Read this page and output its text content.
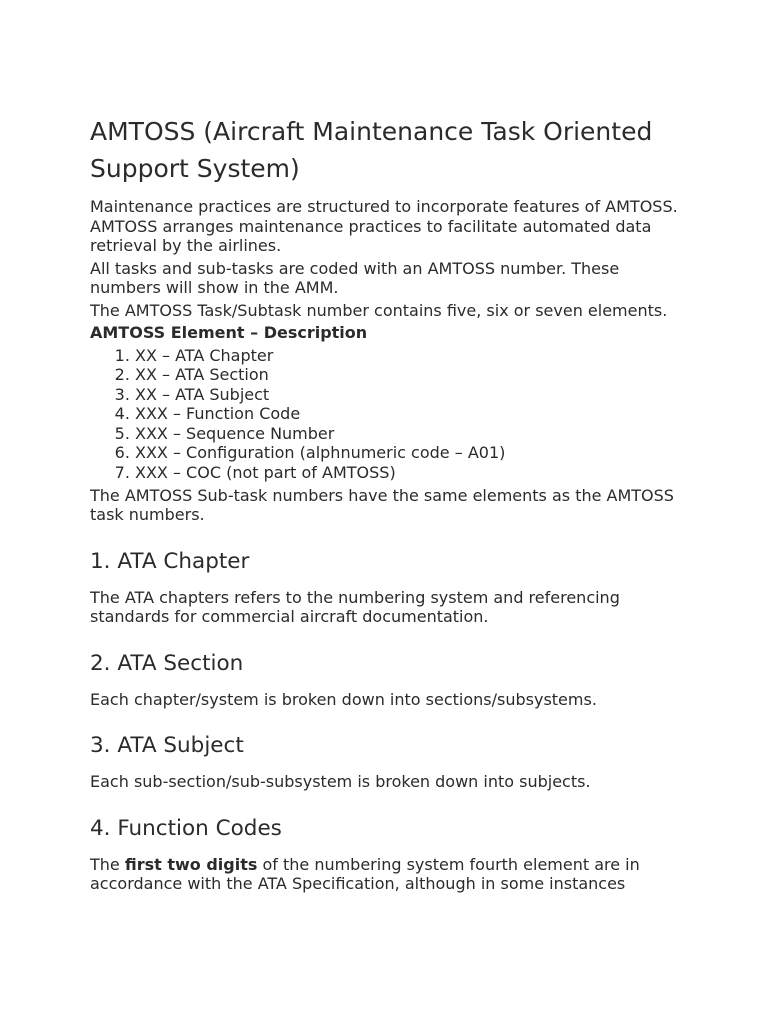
AMTOSS (Aircraft Maintenance Task Oriented Support System)

Maintenance practices are structured to incorporate features of AMTOSS. AMTOSS arranges maintenance practices to facilitate automated data retrieval by the airlines.

All tasks and sub-tasks are coded with an AMTOSS number. These numbers will show in the AMM.

The AMTOSS Task/Subtask number contains five, six or seven elements.

AMTOSS Element – Description

1. XX – ATA Chapter
2. XX – ATA Section
3. XX – ATA Subject
4. XXX – Function Code
5. XXX – Sequence Number
6. XXX – Configuration (alphnumeric code – A01)
7. XXX – COC (not part of AMTOSS)

The AMTOSS Sub-task numbers have the same elements as the AMTOSS task numbers.

1. ATA Chapter

The ATA chapters refers to the numbering system and referencing standards for commercial aircraft documentation.

2. ATA Section

Each chapter/system is broken down into sections/subsystems.

3. ATA Subject

Each sub-section/sub-subsystem is broken down into subjects.

4. Function Codes

The first two digits of the numbering system fourth element are in accordance with the ATA Specification, although in some instances
